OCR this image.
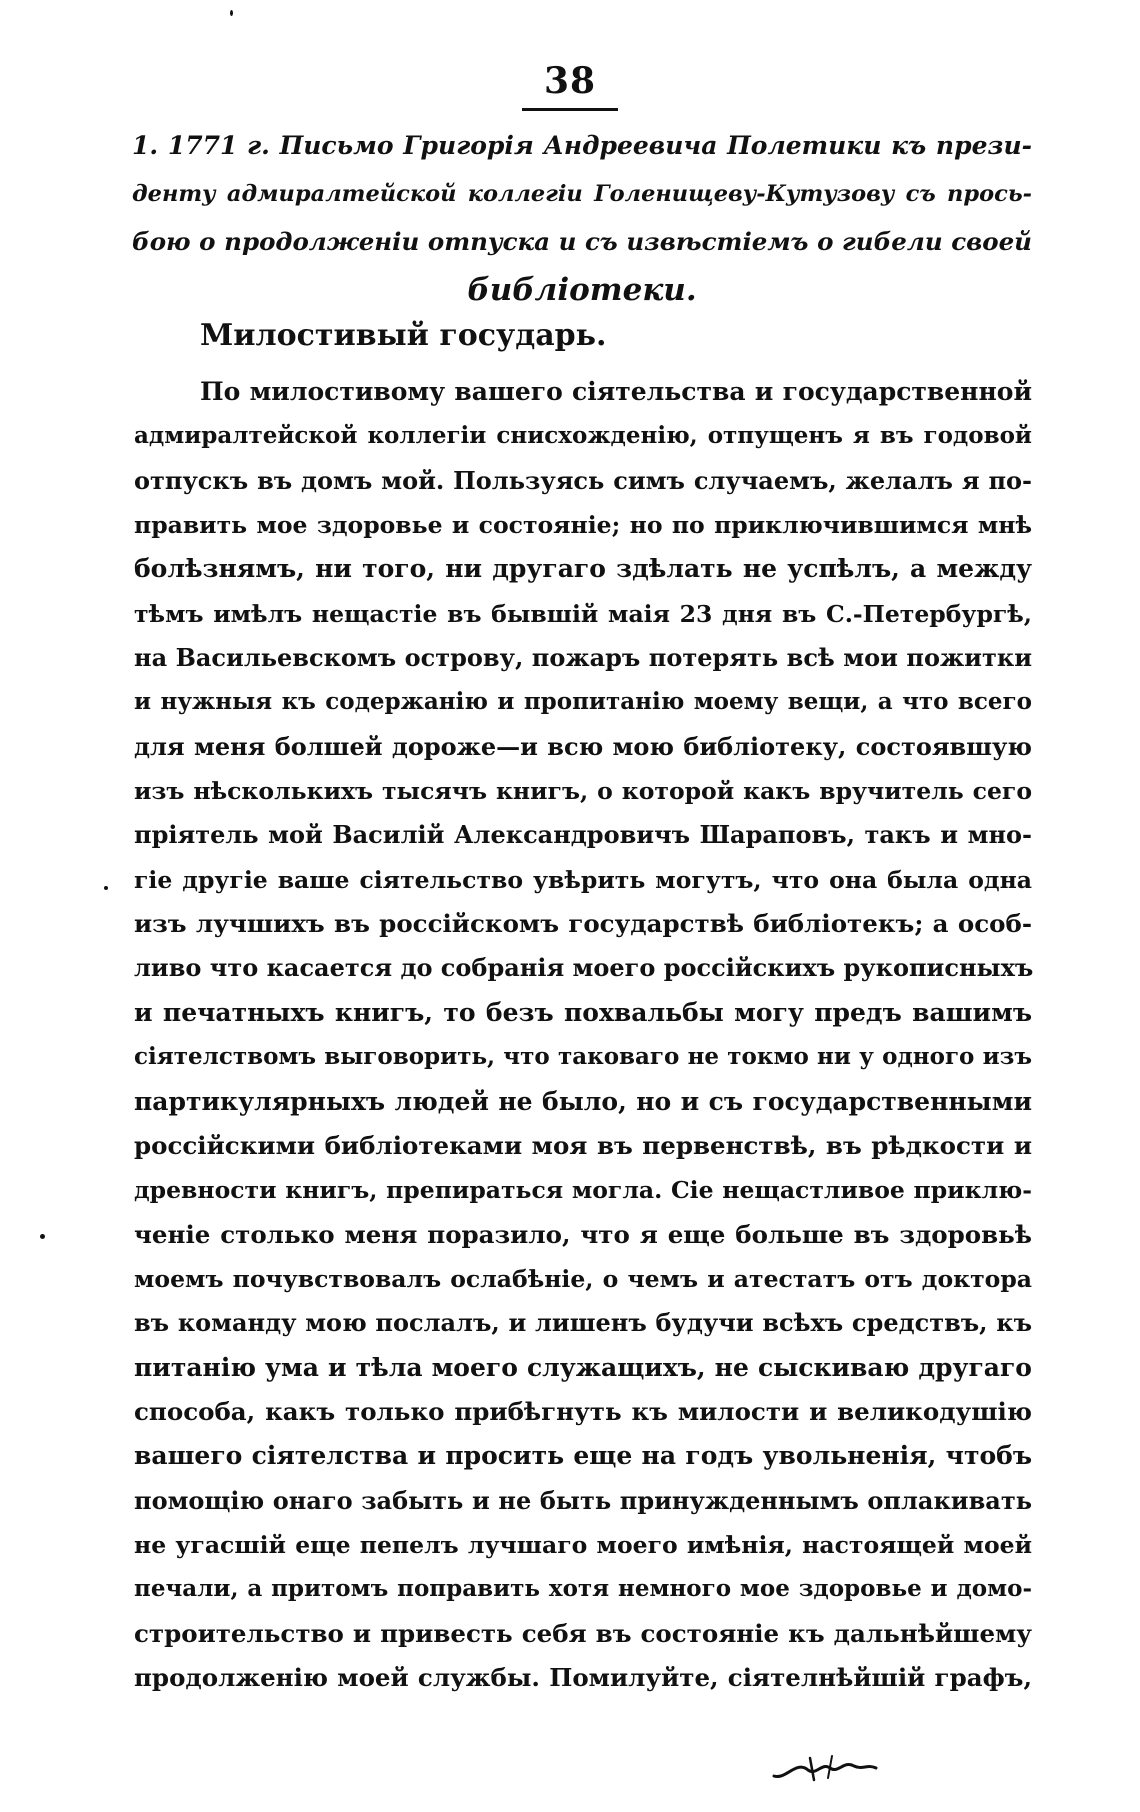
38
1. 1771 г. Письмо Григорія Андреевича Полетики къ прези-
денту адмиралтейской коллегіи Голенищеву-Кутузову съ прось-
бою о продолженіи отпуска и съ извѣстіемъ о гибели своей
библіотеки.
Милостивый государь.
По милостивому вашего сіятельства и государственной
адмиралтейской коллегіи снисхожденію, отпущенъ я въ годовой
отпускъ въ домъ мой. Пользуясь симъ случаемъ, желалъ я по-
править мое здоровье и состояніе; но по приключившимся мнѣ
болѣзнямъ, ни того, ни другаго здѣлать не успѣлъ, а между
тѣмъ имѣлъ нещастіе въ бывшій маія 23 дня въ С.-Петербургѣ,
на Васильевскомъ острову, пожаръ потерять всѣ мои пожитки
и нужныя къ содержанію и пропитанію моему вещи, а что всего
для меня болшей дороже—и всю мою библіотеку, состоявшую
изъ нѣсколькихъ тысячъ книгъ, о которой какъ вручитель сего
пріятель мой Василій Александровичъ Шараповъ, такъ и мно-
гіе другіе ваше сіятельство увѣрить могутъ, что она была одна
изъ лучшихъ въ россійскомъ государствѣ библіотекъ; а особ-
ливо что касается до собранія моего россійскихъ рукописныхъ
и печатныхъ книгъ, то безъ похвальбы могу предъ вашимъ
сіятелствомъ выговорить, что таковаго не токмо ни у одного изъ
партикулярныхъ людей не было, но и съ государственными
россійскими библіотеками моя въ первенствѣ, въ рѣдкости и
древности книгъ, препираться могла. Сіе нещастливое приклю-
ченіе столько меня поразило, что я еще больше въ здоровьѣ
моемъ почувствовалъ ослабѣніе, о чемъ и атестатъ отъ доктора
въ команду мою послалъ, и лишенъ будучи всѣхъ средствъ, къ
питанію ума и тѣла моего служащихъ, не сыскиваю другаго
способа, какъ только прибѣгнуть къ милости и великодушію
вашего сіятелства и просить еще на годъ увольненія, чтобъ
помощію онаго забыть и не быть принужденнымъ оплакивать
не угасшій еще пепелъ лучшаго моего имѣнія, настоящей моей
печали, а притомъ поправить хотя немного мое здоровье и домо-
строительство и привесть себя въ состояніе къ дальнѣйшему
продолженію моей службы. Помилуйте, сіятелнѣйшій графъ,
